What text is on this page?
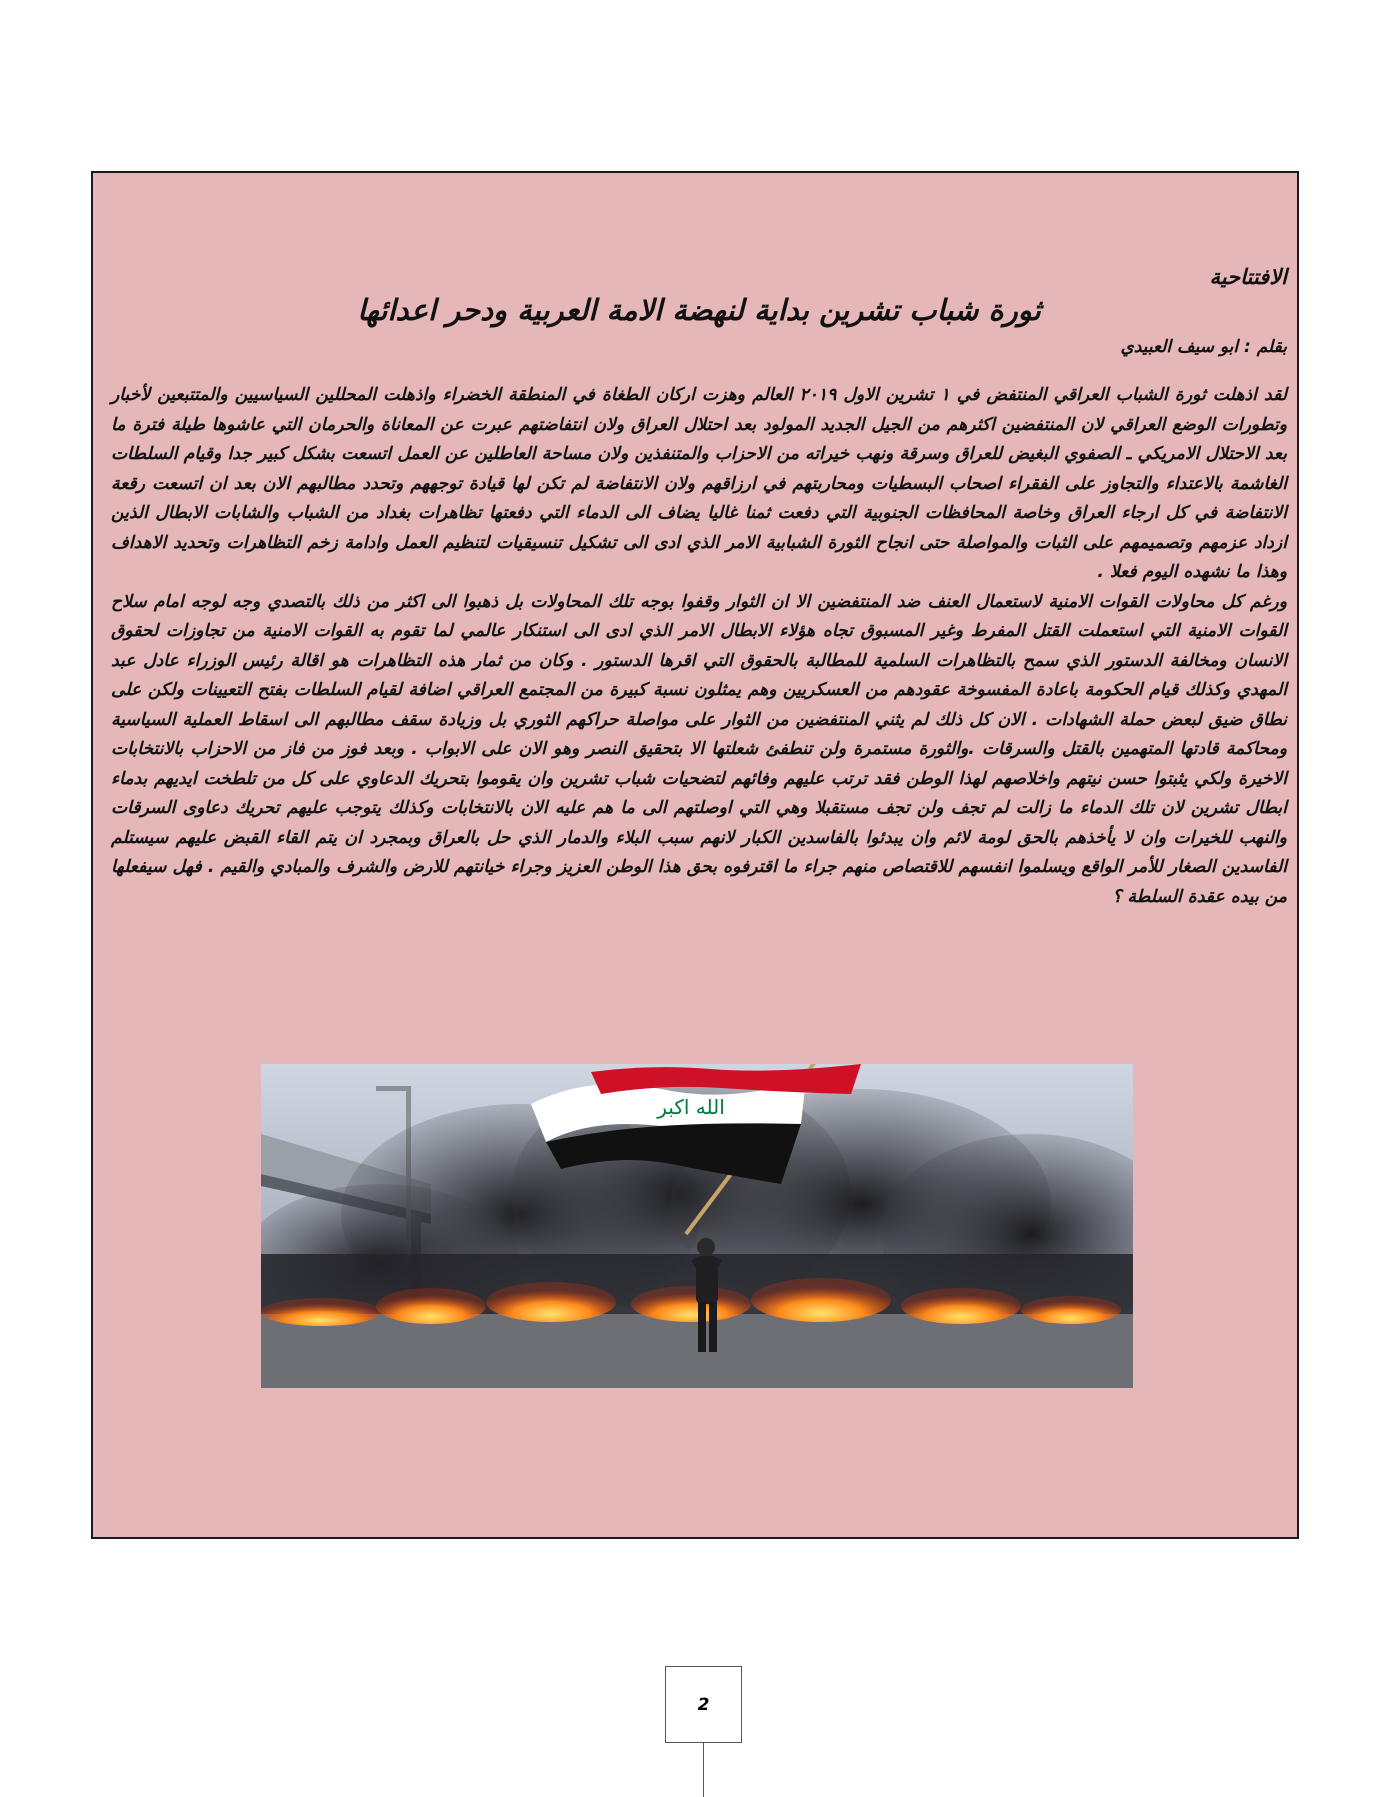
الافتتاحية
ثورة شباب تشرين بداية لنهضة الامة العربية ودحر اعدائها
بقلم : ابو سيف العبيدي

لقد اذهلت ثورة الشباب العراقي المنتفض في ١ تشرين الاول ٢٠١٩ العالم وهزت اركان الطغاة في المنطقة الخضراء واذهلت المحللين السياسيين والمتتبعين لأخبار وتطورات الوضع العراقي لان المنتفضين اكثرهم من الجيل الجديد المولود بعد احتلال العراق ولان انتفاضتهم عبرت عن المعاناة والحرمان التي عاشوها طيلة فترة ما بعد الاحتلال الامريكي ـ الصفوي البغيض للعراق وسرقة ونهب خيراته من الاحزاب والمتنفذين ولان مساحة العاطلين عن العمل اتسعت بشكل كبير جدا وقيام السلطات الغاشمة بالاعتداء والتجاوز على الفقراء اصحاب البسطيات ومحاربتهم في ارزاقهم ولان الانتفاضة لم تكن لها قيادة توجههم وتحدد مطالبهم الان بعد ان اتسعت رقعة الانتفاضة في كل ارجاء العراق وخاصة المحافظات الجنوبية التي دفعت ثمنا غاليا يضاف الى الدماء التي دفعتها تظاهرات بغداد من الشباب والشابات الابطال الذين ازداد عزمهم وتصميمهم على الثبات والمواصلة حتى انجاح الثورة الشبابية الامر الذي ادى الى تشكيل تنسيقيات لتنظيم العمل وادامة زخم التظاهرات وتحديد الاهداف وهذا ما نشهده اليوم فعلا .

ورغم كل محاولات القوات الامنية لاستعمال العنف ضد المنتفضين الا ان الثوار وقفوا بوجه تلك المحاولات بل ذهبوا الى اكثر من ذلك بالتصدي وجه لوجه امام سلاح القوات الامنية التي استعملت القتل المفرط وغير المسبوق تجاه هؤلاء الابطال الامر الذي ادى الى استنكار عالمي لما تقوم به القوات الامنية من تجاوزات لحقوق الانسان ومخالفة الدستور الذي سمح بالتظاهرات السلمية للمطالبة بالحقوق التي اقرها الدستور . وكان من ثمار هذه التظاهرات هو اقالة رئيس الوزراء عادل عبد المهدي وكذلك قيام الحكومة باعادة المفسوخة عقودهم من العسكريين وهم يمثلون نسبة كبيرة من المجتمع العراقي اضافة لقيام السلطات بفتح التعيينات ولكن على نطاق ضيق لبعض حملة الشهادات . الان كل ذلك لم يثني المنتفضين من الثوار على مواصلة حراكهم الثوري بل وزيادة سقف مطالبهم الى اسقاط العملية السياسية ومحاكمة قادتها المتهمين بالقتل والسرقات .والثورة مستمرة ولن تنطفئ شعلتها الا بتحقيق النصر وهو الان على الابواب . وبعد فوز من فاز من الاحزاب بالانتخابات الاخيرة ولكي يثبتوا حسن نيتهم واخلاصهم لهذا الوطن فقد ترتب عليهم وفائهم لتضحيات شباب تشرين وان يقوموا بتحريك الدعاوي على كل من تلطخت ايديهم بدماء ابطال تشرين لان تلك الدماء ما زالت لم تجف ولن تجف مستقبلا وهي التي اوصلتهم الى ما هم عليه الان بالانتخابات وكذلك يتوجب عليهم تحريك دعاوى السرقات والنهب للخيرات وان لا يأخذهم بالحق لومة لائم وان يبدئوا بالفاسدين الكبار لانهم سبب البلاء والدمار الذي حل بالعراق وبمجرد ان يتم القاء القبض عليهم سيستلم الفاسدين الصغار للأمر الواقع ويسلموا انفسهم للاقتصاص منهم جراء ما اقترفوه بحق هذا الوطن العزيز وجراء خيانتهم للارض والشرف والمبادي والقيم . فهل سيفعلها من بيده عقدة السلطة ؟

الله اكبر
2
